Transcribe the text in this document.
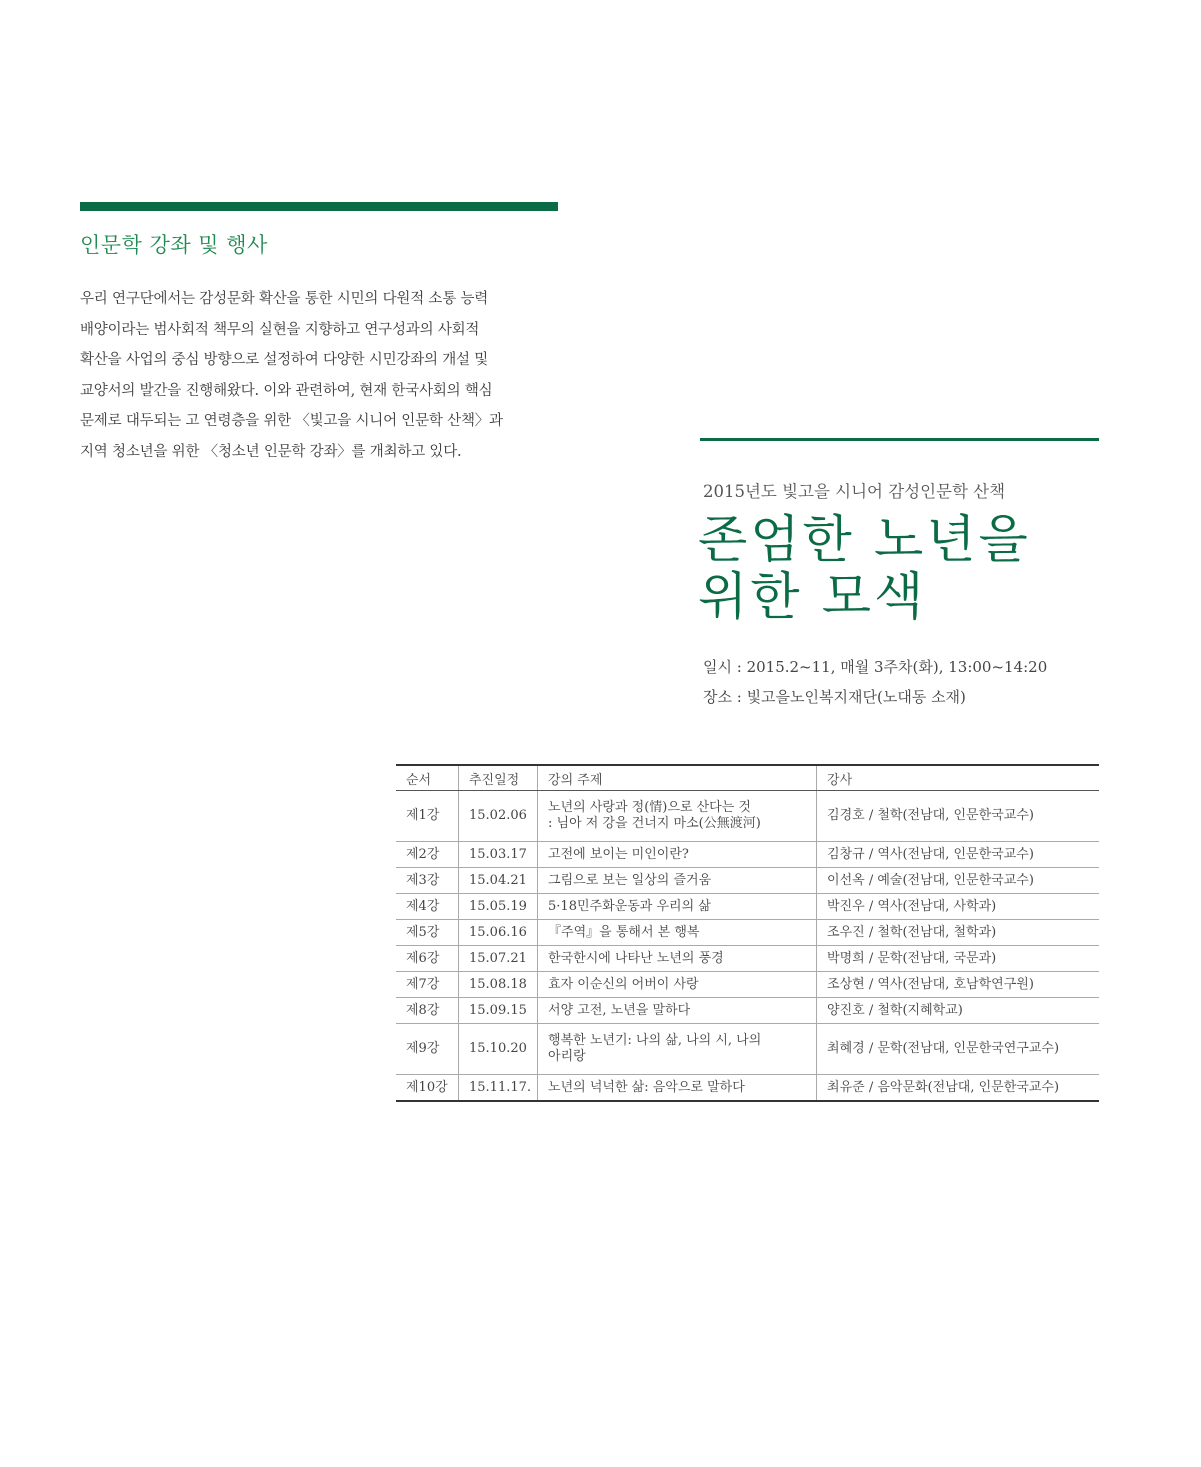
인문학 강좌 및 행사

우리 연구단에서는 감성문화 확산을 통한 시민의 다원적 소통 능력

배양이라는 범사회적 책무의 실현을 지향하고 연구성과의 사회적

확산을 사업의 중심 방향으로 설정하여 다양한 시민강좌의 개설 및

교양서의 발간을 진행해왔다. 이와 관련하여, 현재 한국사회의 핵심

문제로 대두되는 고 연령층을 위한 〈빛고을 시니어 인문학 산책〉과

지역 청소년을 위한 〈청소년 인문학 강좌〉를 개최하고 있다.

2015년도 빛고을 시니어 감성인문학 산책
존엄한 노년을
위한 모색
일시 : 2015.2~11, 매월 3주차(화), 13:00~14:20
장소 : 빛고을노인복지재단(노대동 소재)
순서	추진일정	강의 주제	강사
제1강	15.02.06	노년의 사랑과 정(情)으로 산다는 것
: 님아 저 강을 건너지 마소(公無渡河)	김경호 / 철학(전남대, 인문한국교수)
제2강	15.03.17	고전에 보이는 미인이란?	김창규 / 역사(전남대, 인문한국교수)
제3강	15.04.21	그림으로 보는 일상의 즐거움	이선옥 / 예술(전남대, 인문한국교수)
제4강	15.05.19	5·18민주화운동과 우리의 삶	박진우 / 역사(전남대, 사학과)
제5강	15.06.16	『주역』을 통해서 본 행복	조우진 / 철학(전남대, 철학과)
제6강	15.07.21	한국한시에 나타난 노년의 풍경	박명희 / 문학(전남대, 국문과)
제7강	15.08.18	효자 이순신의 어버이 사랑	조상현 / 역사(전남대, 호남학연구원)
제8강	15.09.15	서양 고전, 노년을 말하다	양진호 / 철학(지혜학교)
제9강	15.10.20	행복한 노년기: 나의 삶, 나의 시, 나의
아리랑	최혜경 / 문학(전남대, 인문한국연구교수)
제10강	15.11.17.	노년의 넉넉한 삶: 음악으로 말하다	최유준 / 음악문화(전남대, 인문한국교수)
